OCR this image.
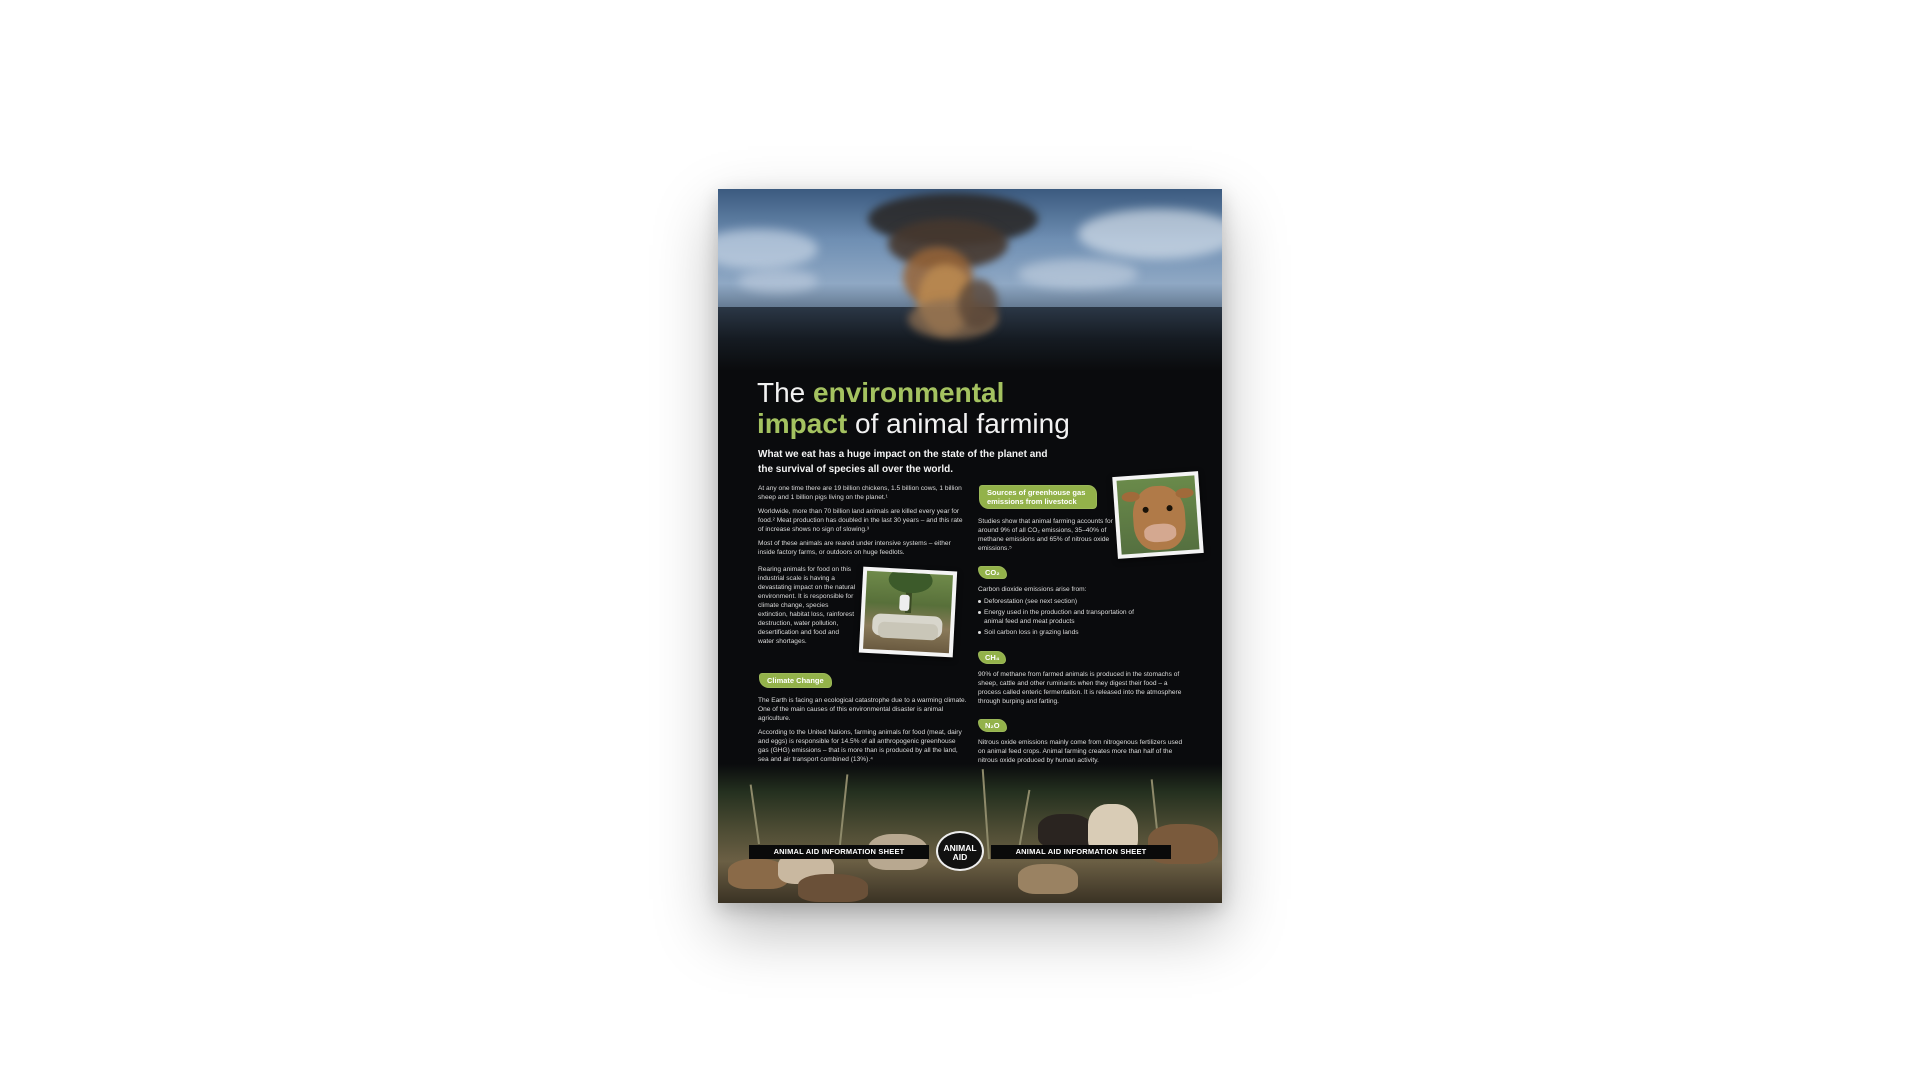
The environmental
impact of animal farming
What we eat has a huge impact on the state of the planet and the survival of species all over the world.

At any one time there are 19 billion chickens, 1.5 billion cows, 1 billion sheep and 1 billion pigs living on the planet.¹

Worldwide, more than 70 billion land animals are killed every year for food.² Meat production has doubled in the last 30 years – and this rate of increase shows no sign of slowing.³

Most of these animals are reared under intensive systems – either inside factory farms, or outdoors on huge feedlots.

Rearing animals for food on this industrial scale is having a devastating impact on the natural environment. It is responsible for climate change, species extinction, habitat loss, rainforest destruction, water pollution, desertification and food and water shortages.

Climate Change

The Earth is facing an ecological catastrophe due to a warming climate. One of the main causes of this environmental disaster is animal agriculture.

According to the United Nations, farming animals for food (meat, dairy and eggs) is responsible for 14.5% of all anthropogenic greenhouse gas (GHG) emissions – that is more than is produced by all the land, sea and air transport combined (13%).⁴

Sources of greenhouse gas
emissions from livestock

Studies show that animal farming accounts for around 9% of all CO₂ emissions, 35–40% of methane emissions and 65% of nitrous oxide emissions.⁵

CO₂

Carbon dioxide emissions arise from:

Deforestation (see next section)
Energy used in the production and transportation of animal feed and meat products
Soil carbon loss in grazing lands
CH₄

90% of methane from farmed animals is produced in the stomachs of sheep, cattle and other ruminants when they digest their food – a process called enteric fermentation. It is released into the atmosphere through burping and farting.

N₂O

Nitrous oxide emissions mainly come from nitrogenous fertilizers used on animal feed crops. Animal farming creates more than half of the nitrous oxide produced by human activity.

ANIMAL AID INFORMATION SHEET	ANIMAL AID INFORMATION SHEET
ANIMAL
AID
